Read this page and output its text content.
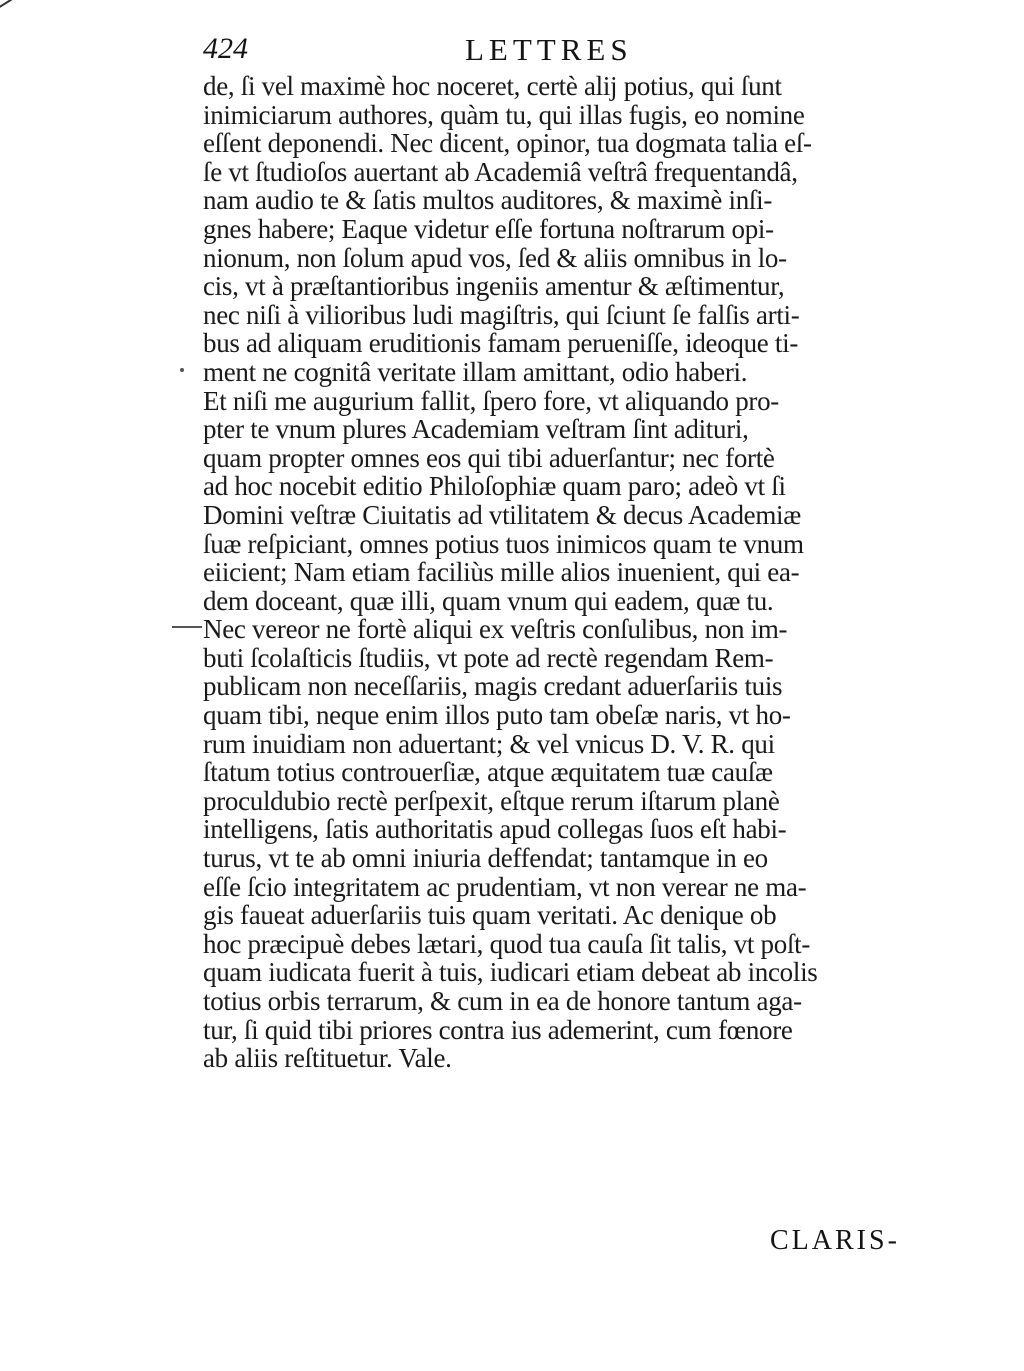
424	LETTRES
de, ſi vel maximè hoc noceret, certè alij potius, qui ſunt
inimiciarum authores, quàm tu, qui illas fugis, eo nomine
eſſent deponendi. Nec dicent, opinor, tua dogmata talia eſ-
ſe vt ſtudioſos auertant ab Academiâ veſtrâ frequentandâ,
nam audio te & ſatis multos auditores, & maximè inſi-
gnes habere; Eaque videtur eſſe fortuna noſtrarum opi-
nionum, non ſolum apud vos, ſed & aliis omnibus in lo-
cis, vt à præſtantioribus ingeniis amentur & æſtimentur,
nec niſi à vilioribus ludi magiſtris, qui ſciunt ſe falſis arti-
bus ad aliquam eruditionis famam perueniſſe, ideoque ti-
ment ne cognitâ veritate illam amittant, odio haberi.
Et niſi me augurium fallit, ſpero fore, vt aliquando pro-
pter te vnum plures Academiam veſtram ſint adituri,
quam propter omnes eos qui tibi aduerſantur; nec fortè
ad hoc nocebit editio Philoſophiæ quam paro; adeò vt ſi
Domini veſtræ Ciuitatis ad vtilitatem & decus Academiæ
ſuæ reſpiciant, omnes potius tuos inimicos quam te vnum
eiicient; Nam etiam faciliùs mille alios inuenient, qui ea-
dem doceant, quæ illi, quam vnum qui eadem, quæ tu.
Nec vereor ne fortè aliqui ex veſtris conſulibus, non im-
buti ſcolaſticis ſtudiis, vt pote ad rectè regendam Rem-
publicam non neceſſariis, magis credant aduerſariis tuis
quam tibi, neque enim illos puto tam obeſæ naris, vt ho-
rum inuidiam non aduertant; & vel vnicus D. V. R. qui
ſtatum totius controuerſiæ, atque æquitatem tuæ cauſæ
proculdubio rectè perſpexit, eſtque rerum iſtarum planè
intelligens, ſatis authoritatis apud collegas ſuos eſt habi-
turus, vt te ab omni iniuria deffendat; tantamque in eo
eſſe ſcio integritatem ac prudentiam, vt non verear ne ma-
gis faueat aduerſariis tuis quam veritati. Ac denique ob
hoc præcipuè debes lætari, quod tua cauſa ſit talis, vt poſt-
quam iudicata fuerit à tuis, iudicari etiam debeat ab incolis
totius orbis terrarum, & cum in ea de honore tantum aga-
tur, ſi quid tibi priores contra ius ademerint, cum fœnore
ab aliis reſtituetur. Vale.
CLARIS-
